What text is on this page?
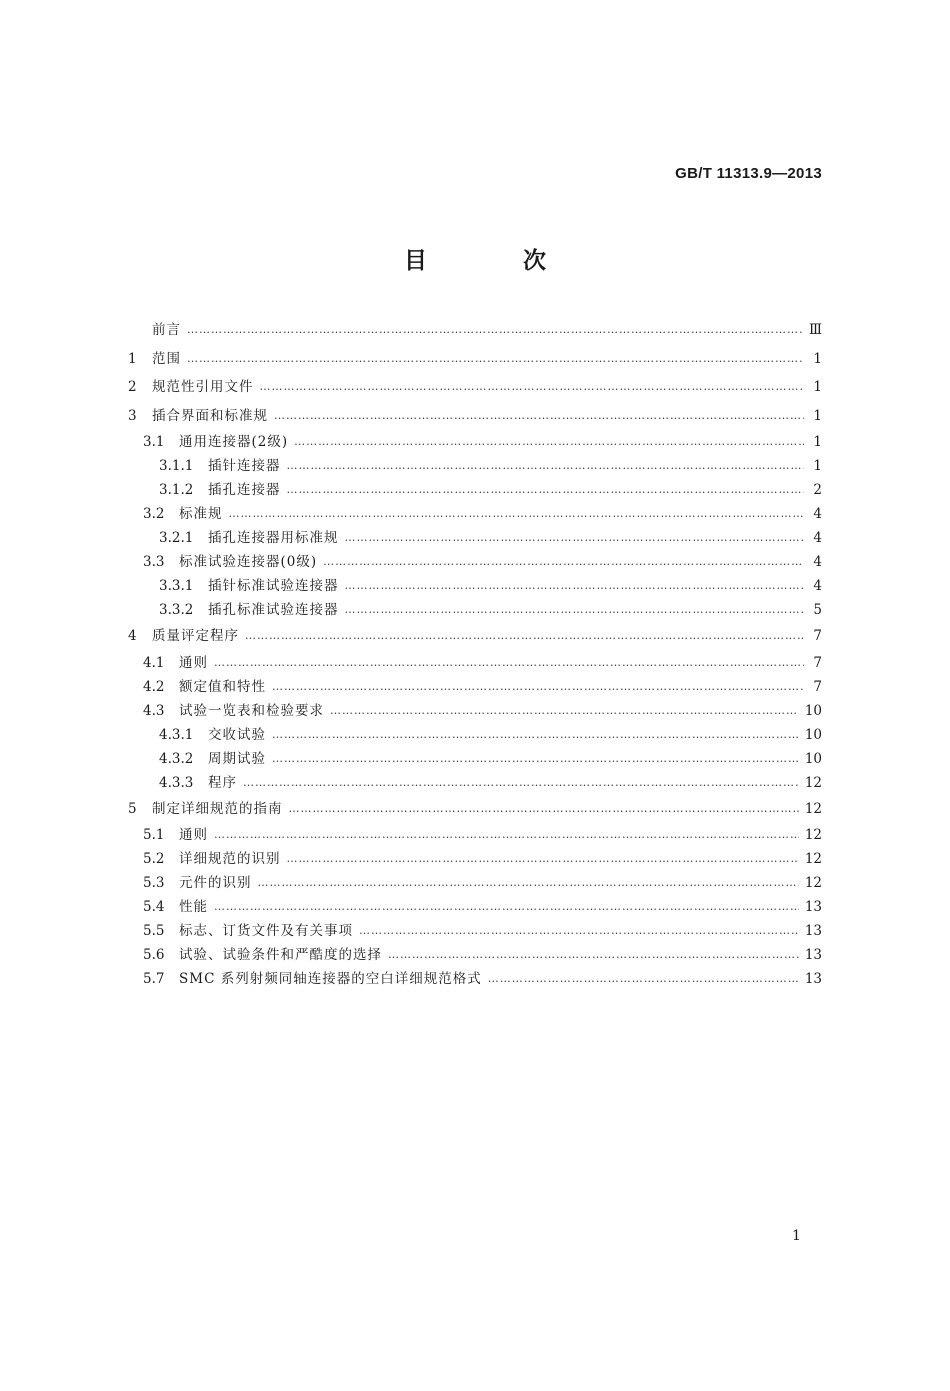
GB/T 11313.9—2013
目 次
前言 ………………………………………………………………………………………………………………………………………………………………………………………………………………………………………………………………	Ⅲ
1	范围 ………………………………………………………………………………………………………………………………………………………………………………………………………………………………………………………………	1
2	规范性引用文件 ………………………………………………………………………………………………………………………………………………………………………………………………………………………………………………………………	1
3	插合界面和标准规 ………………………………………………………………………………………………………………………………………………………………………………………………………………………………………………………………	1
3.1	通用连接器(2级) ………………………………………………………………………………………………………………………………………………………………………………………………………………………………………………………………	1
3.1.1	插针连接器 ………………………………………………………………………………………………………………………………………………………………………………………………………………………………………………………………	1
3.1.2	插孔连接器 ………………………………………………………………………………………………………………………………………………………………………………………………………………………………………………………………	2
3.2	标准规 ………………………………………………………………………………………………………………………………………………………………………………………………………………………………………………………………	4
3.2.1	插孔连接器用标准规 ………………………………………………………………………………………………………………………………………………………………………………………………………………………………………………………………	4
3.3	标准试验连接器(0级) ………………………………………………………………………………………………………………………………………………………………………………………………………………………………………………………………	4
3.3.1	插针标准试验连接器 ………………………………………………………………………………………………………………………………………………………………………………………………………………………………………………………………	4
3.3.2	插孔标准试验连接器 ………………………………………………………………………………………………………………………………………………………………………………………………………………………………………………………………	5
4	质量评定程序 ………………………………………………………………………………………………………………………………………………………………………………………………………………………………………………………………	7
4.1	通则 ………………………………………………………………………………………………………………………………………………………………………………………………………………………………………………………………	7
4.2	额定值和特性 ………………………………………………………………………………………………………………………………………………………………………………………………………………………………………………………………	7
4.3	试验一览表和检验要求 ………………………………………………………………………………………………………………………………………………………………………………………………………………………………………………………………	10
4.3.1	交收试验 ………………………………………………………………………………………………………………………………………………………………………………………………………………………………………………………………	10
4.3.2	周期试验 ………………………………………………………………………………………………………………………………………………………………………………………………………………………………………………………………	10
4.3.3	程序 ………………………………………………………………………………………………………………………………………………………………………………………………………………………………………………………………	12
5	制定详细规范的指南 ………………………………………………………………………………………………………………………………………………………………………………………………………………………………………………………………	12
5.1	通则 ………………………………………………………………………………………………………………………………………………………………………………………………………………………………………………………………	12
5.2	详细规范的识别 ………………………………………………………………………………………………………………………………………………………………………………………………………………………………………………………………	12
5.3	元件的识别 ………………………………………………………………………………………………………………………………………………………………………………………………………………………………………………………………	12
5.4	性能 ………………………………………………………………………………………………………………………………………………………………………………………………………………………………………………………………	13
5.5	标志、订货文件及有关事项 ………………………………………………………………………………………………………………………………………………………………………………………………………………………………………………………………	13
5.6	试验、试验条件和严酷度的选择 ………………………………………………………………………………………………………………………………………………………………………………………………………………………………………………………………	13
5.7	SMC 系列射频同轴连接器的空白详细规范格式 ………………………………………………………………………………………………………………………………………………………………………………………………………………………………………………………………	13
1
